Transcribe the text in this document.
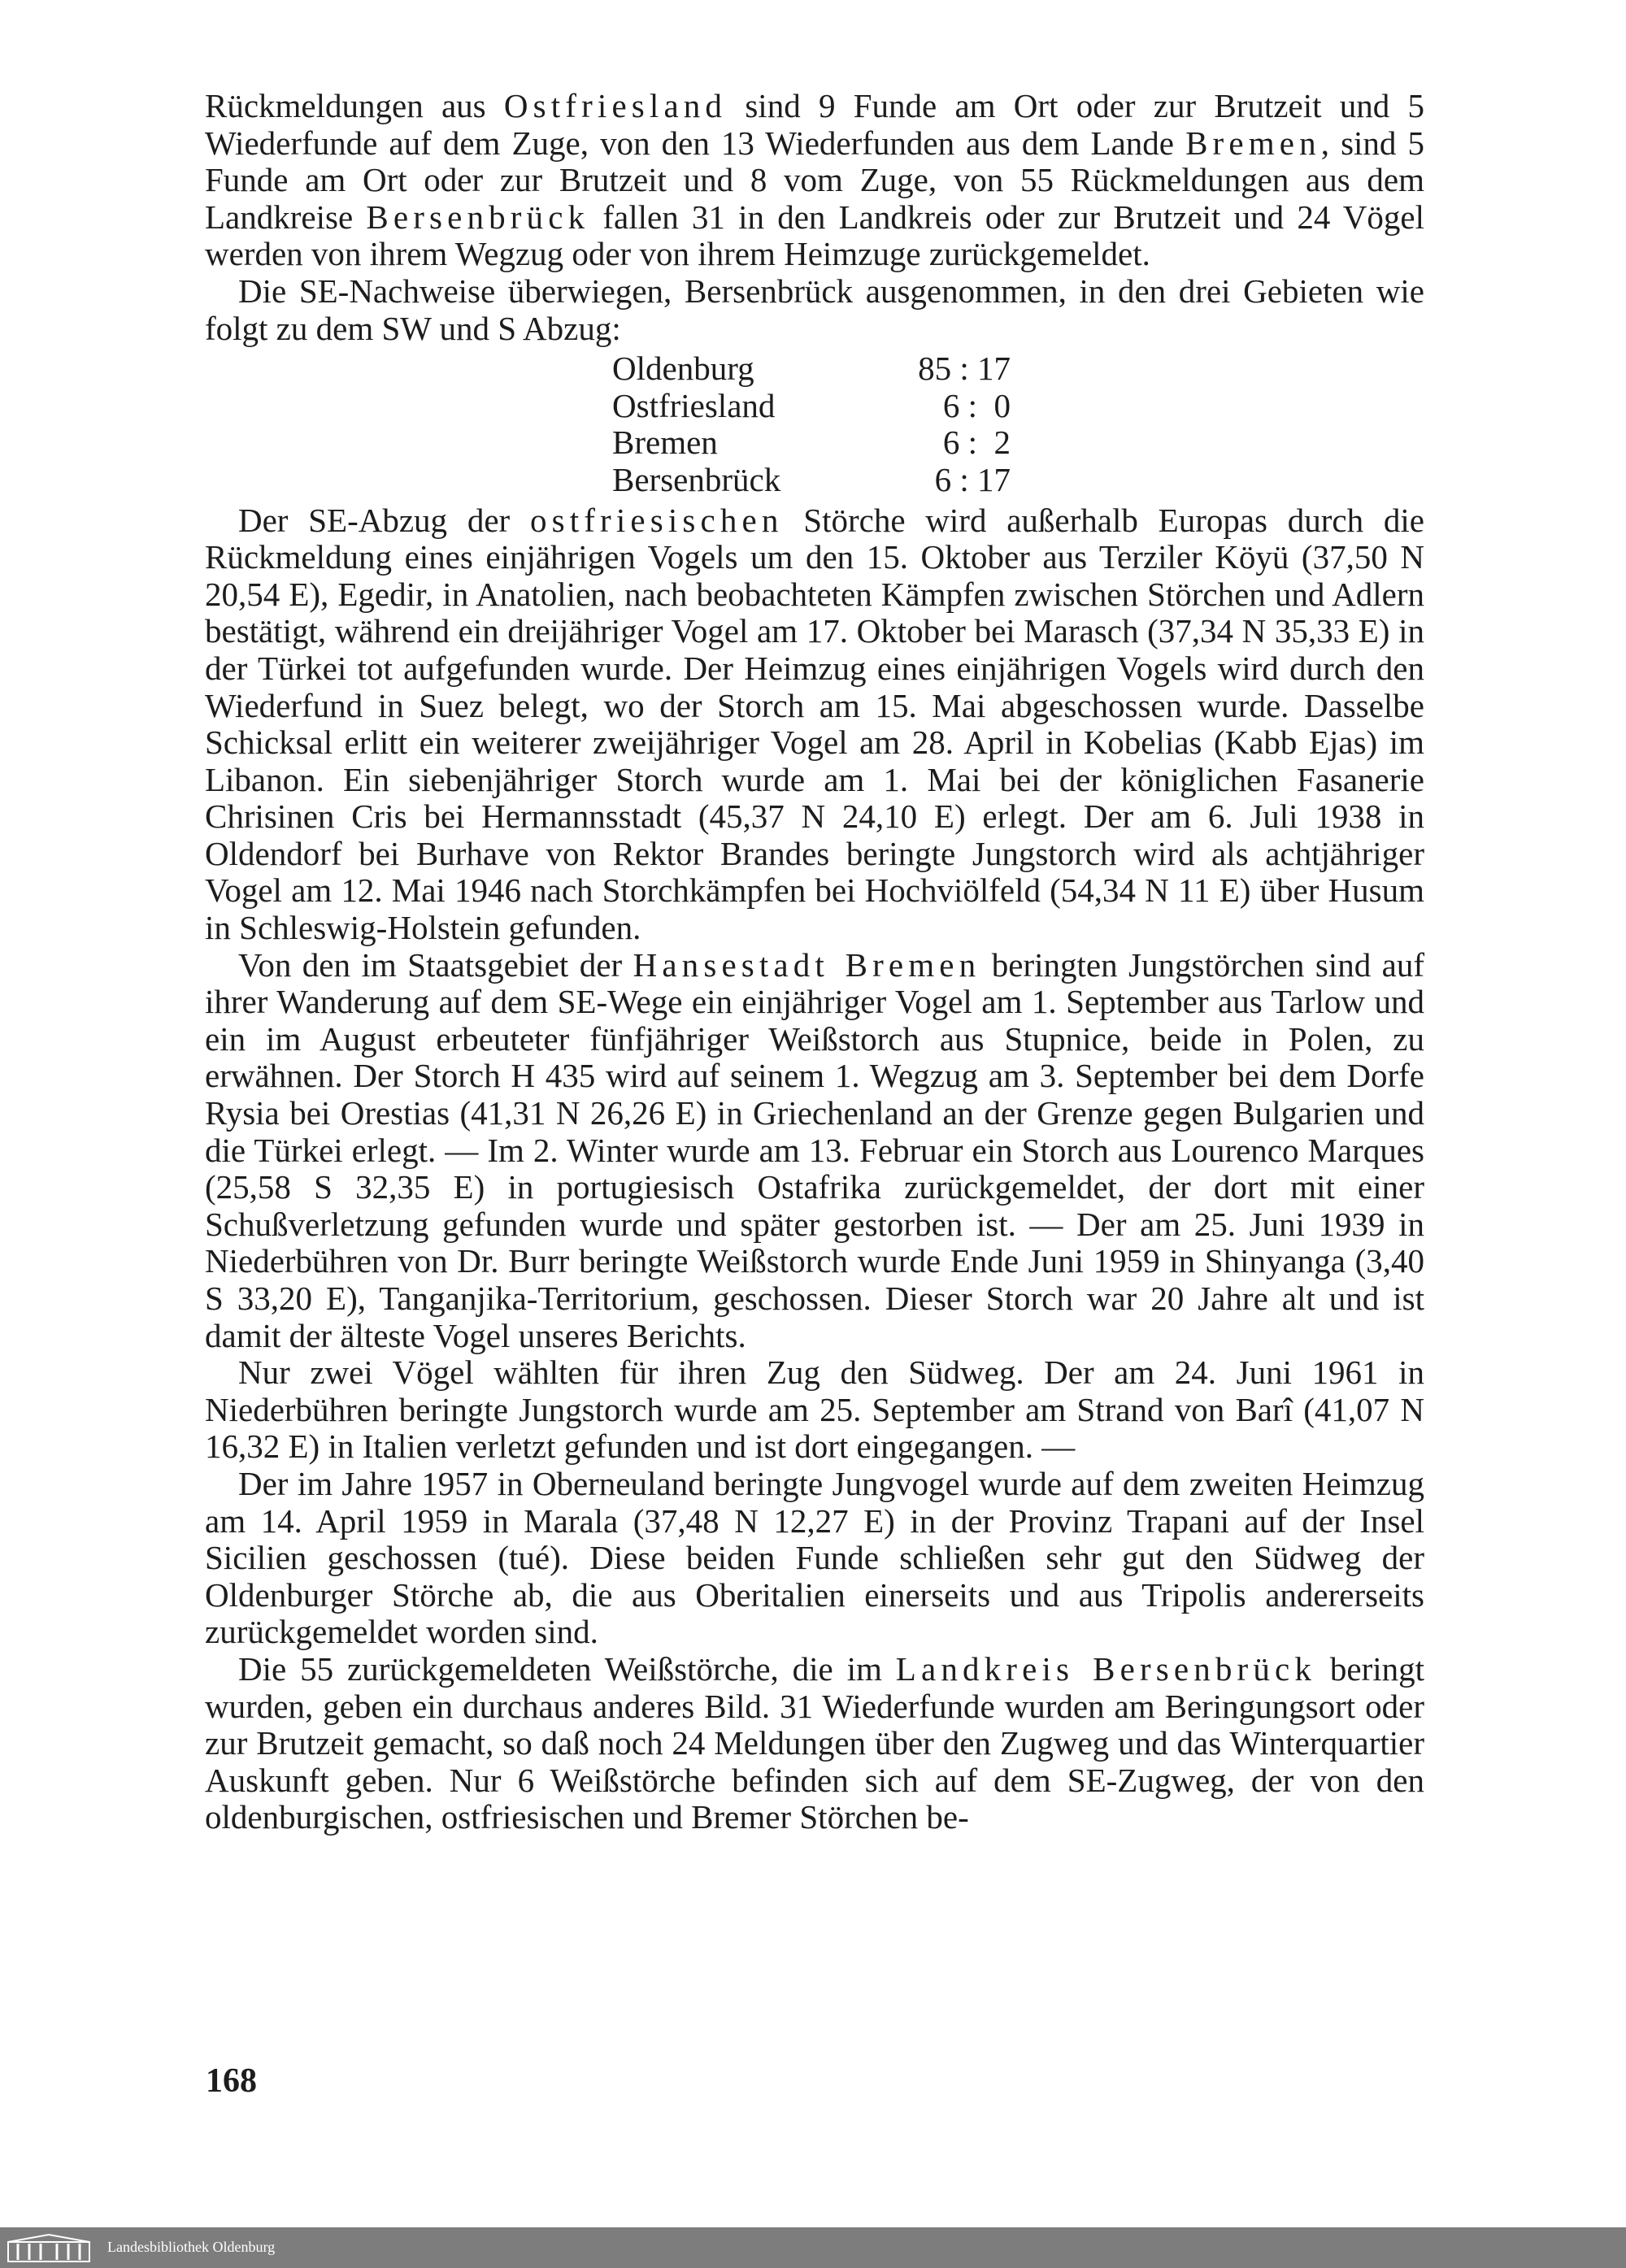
Rückmeldungen aus Ostfriesland sind 9 Funde am Ort oder zur Brutzeit und 5 Wiederfunde auf dem Zuge, von den 13 Wiederfunden aus dem Lande Bremen, sind 5 Funde am Ort oder zur Brutzeit und 8 vom Zuge, von 55 Rückmeldungen aus dem Landkreise Bersenbrück fallen 31 in den Landkreis oder zur Brutzeit und 24 Vögel werden von ihrem Wegzug oder von ihrem Heimzuge zurückgemeldet.

Die SE-Nachweise überwiegen, Bersenbrück ausgenommen, in den drei Gebieten wie folgt zu dem SW und S Abzug:

Oldenburg	85 : 17
Ostfriesland	6 :  0
Bremen	6 :  2
Bersenbrück	6 : 17

Der SE-Abzug der ostfriesischen Störche wird außerhalb Europas durch die Rückmeldung eines einjährigen Vogels um den 15. Oktober aus Terziler Köyü (37,50 N 20,54 E), Egedir, in Anatolien, nach beobachteten Kämpfen zwischen Störchen und Adlern bestätigt, während ein dreijähriger Vogel am 17. Oktober bei Marasch (37,34 N 35,33 E) in der Türkei tot aufgefunden wurde. Der Heimzug eines einjährigen Vogels wird durch den Wiederfund in Suez belegt, wo der Storch am 15. Mai abgeschossen wurde. Dasselbe Schicksal erlitt ein weiterer zweijähriger Vogel am 28. April in Kobelias (Kabb Ejas) im Libanon. Ein siebenjähriger Storch wurde am 1. Mai bei der königlichen Fasanerie Chrisinen Cris bei Hermannsstadt (45,37 N 24,10 E) erlegt. Der am 6. Juli 1938 in Oldendorf bei Burhave von Rektor Brandes beringte Jungstorch wird als achtjähriger Vogel am 12. Mai 1946 nach Storchkämpfen bei Hochviölfeld (54,34 N 11 E) über Husum in Schleswig-Holstein gefunden.

Von den im Staatsgebiet der Hansestadt Bremen beringten Jungstörchen sind auf ihrer Wanderung auf dem SE-Wege ein einjähriger Vogel am 1. September aus Tarlow und ein im August erbeuteter fünfjähriger Weißstorch aus Stupnice, beide in Polen, zu erwähnen. Der Storch H 435 wird auf seinem 1. Wegzug am 3. September bei dem Dorfe Rysia bei Orestias (41,31 N 26,26 E) in Griechenland an der Grenze gegen Bulgarien und die Türkei erlegt. — Im 2. Winter wurde am 13. Februar ein Storch aus Lourenco Marques (25,58 S 32,35 E) in portugiesisch Ostafrika zurückgemeldet, der dort mit einer Schußverletzung gefunden wurde und später gestorben ist. — Der am 25. Juni 1939 in Niederbühren von Dr. Burr beringte Weißstorch wurde Ende Juni 1959 in Shinyanga (3,40 S 33,20 E), Tanganjika-Territorium, geschossen. Dieser Storch war 20 Jahre alt und ist damit der älteste Vogel unseres Berichts.

Nur zwei Vögel wählten für ihren Zug den Südweg. Der am 24. Juni 1961 in Niederbühren beringte Jungstorch wurde am 25. September am Strand von Barî (41,07 N 16,32 E) in Italien verletzt gefunden und ist dort eingegangen. —

Der im Jahre 1957 in Oberneuland beringte Jungvogel wurde auf dem zweiten Heimzug am 14. April 1959 in Marala (37,48 N 12,27 E) in der Provinz Trapani auf der Insel Sicilien geschossen (tué). Diese beiden Funde schließen sehr gut den Südweg der Oldenburger Störche ab, die aus Oberitalien einerseits und aus Tripolis andererseits zurückgemeldet worden sind.

Die 55 zurückgemeldeten Weißstörche, die im Landkreis Bersenbrück beringt wurden, geben ein durchaus anderes Bild. 31 Wiederfunde wurden am Beringungsort oder zur Brutzeit gemacht, so daß noch 24 Meldungen über den Zugweg und das Winterquartier Auskunft geben. Nur 6 Weißstörche befinden sich auf dem SE-Zugweg, der von den oldenburgischen, ostfriesischen und Bremer Störchen be-

168
Landesbibliothek Oldenburg
